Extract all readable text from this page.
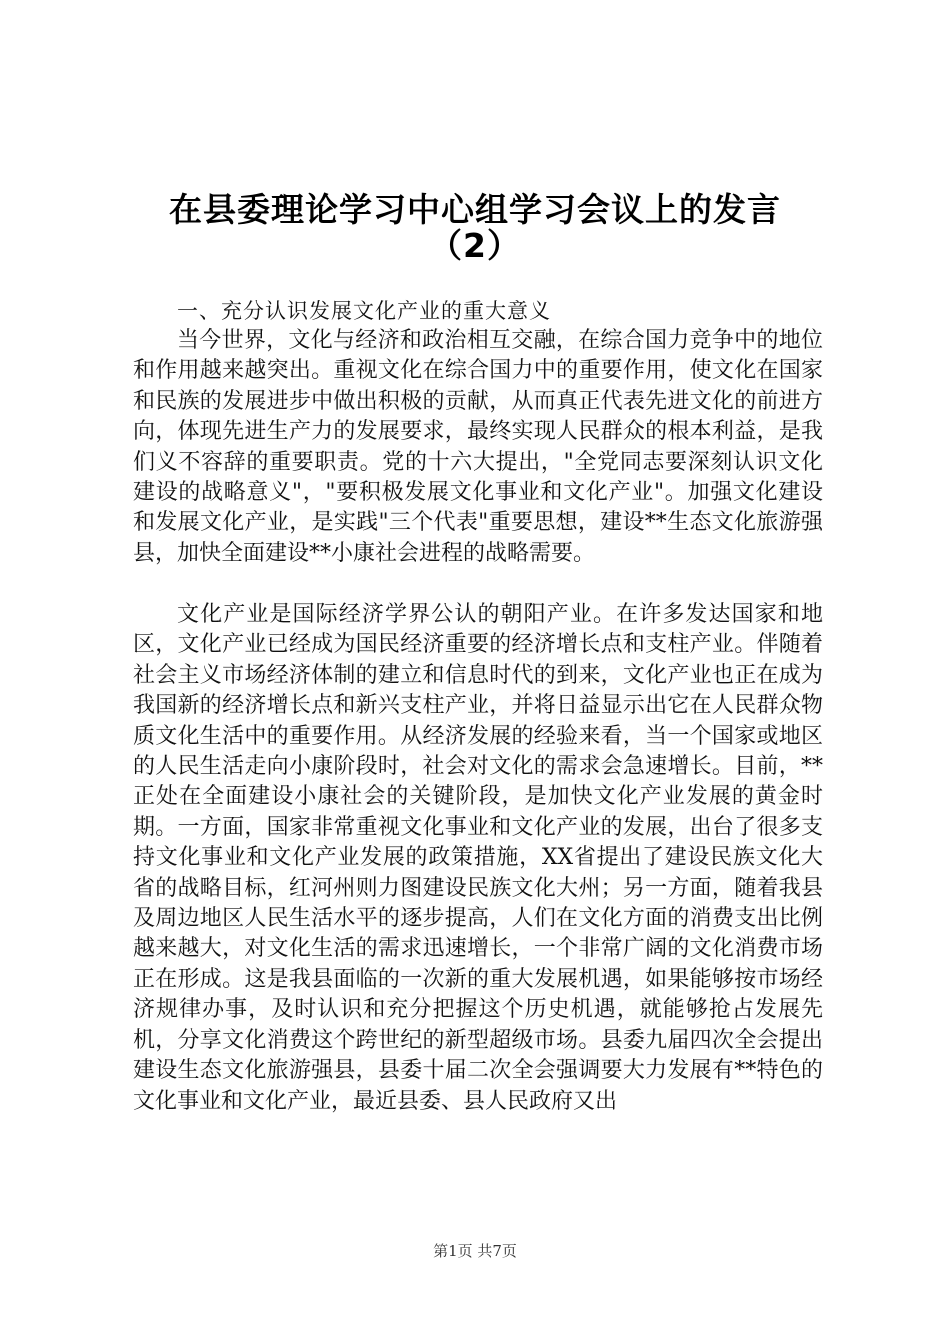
在县委理论学习中心组学习会议上的发言
（2）
一、充分认识发展文化产业的重大意义
当今世界，文化与经济和政治相互交融，在综合国力竞争中的地位和作用越来越突出。重视文化在综合国力中的重要作用，使文化在国家和民族的发展进步中做出积极的贡献，从而真正代表先进文化的前进方向，体现先进生产力的发展要求，最终实现人民群众的根本利益，是我们义不容辞的重要职责。党的十六大提出，"全党同志要深刻认识文化建设的战略意义"，"要积极发展文化事业和文化产业"。加强文化建设和发展文化产业，是实践"三个代表"重要思想，建设**生态文化旅游强县，加快全面建设**小康社会进程的战略需要。
文化产业是国际经济学界公认的朝阳产业。在许多发达国家和地区，文化产业已经成为国民经济重要的经济增长点和支柱产业。伴随着社会主义市场经济体制的建立和信息时代的到来，文化产业也正在成为我国新的经济增长点和新兴支柱产业，并将日益显示出它在人民群众物质文化生活中的重要作用。从经济发展的经验来看，当一个国家或地区的人民生活走向小康阶段时，社会对文化的需求会急速增长。目前，**正处在全面建设小康社会的关键阶段，是加快文化产业发展的黄金时期。一方面，国家非常重视文化事业和文化产业的发展，出台了很多支持文化事业和文化产业发展的政策措施，XX省提出了建设民族文化大省的战略目标，红河州则力图建设民族文化大州；另一方面，随着我县及周边地区人民生活水平的逐步提高，人们在文化方面的消费支出比例越来越大，对文化生活的需求迅速增长，一个非常广阔的文化消费市场正在形成。这是我县面临的一次新的重大发展机遇，如果能够按市场经济规律办事，及时认识和充分把握这个历史机遇，就能够抢占发展先机，分享文化消费这个跨世纪的新型超级市场。县委九届四次全会提出建设生态文化旅游强县，县委十届二次全会强调要大力发展有**特色的文化事业和文化产业，最近县委、县人民政府又出
第1页 共7页
